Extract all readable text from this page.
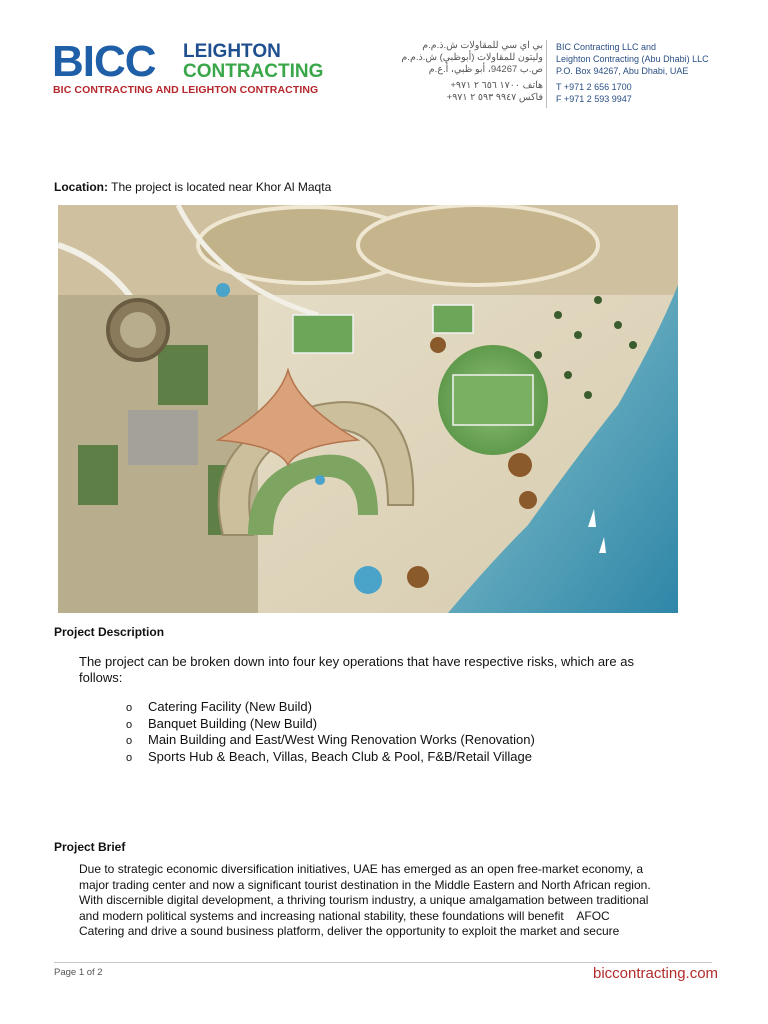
BICC LEIGHTON
CONTRACTING
BIC CONTRACTING AND LEIGHTON CONTRACTING
بي اي سي للمقاولات ش.ذ.م.م
وليتون للمقاولات (أبوظبي) ش.ذ.م.م
ص.ب 94267، أبو ظبي، أ.ع.م
هاتف ١٧٠٠ ٦٥٦ ٢ ٩٧١+
فاكس ٩٩٤٧ ٥٩٣ ٢ ٩٧١+
BIC Contracting LLC and
Leighton Contracting (Abu Dhabi) LLC
P.O. Box 94267, Abu Dhabi, UAE
T +971 2 656 1700
F +971 2 593 9947
Location: The project is located near Khor Al Maqta
Project Description
The project can be broken down into four key operations that have respective risks, which are as
follows:
o Catering Facility (New Build)
o Banquet Building (New Build)
o Main Building and East/West Wing Renovation Works (Renovation)
o Sports Hub & Beach, Villas, Beach Club & Pool, F&B/Retail Village
Project Brief
Due to strategic economic diversification initiatives, UAE has emerged as an open free-market economy, a
major trading center and now a significant tourist destination in the Middle Eastern and North African region.
With discernible digital development, a thriving tourism industry, a unique amalgamation between traditional
and modern political systems and increasing national stability, these foundations will benefit    AFOC
Catering and drive a sound business platform, deliver the opportunity to exploit the market and secure
Page 1 of 2	biccontracting.com
